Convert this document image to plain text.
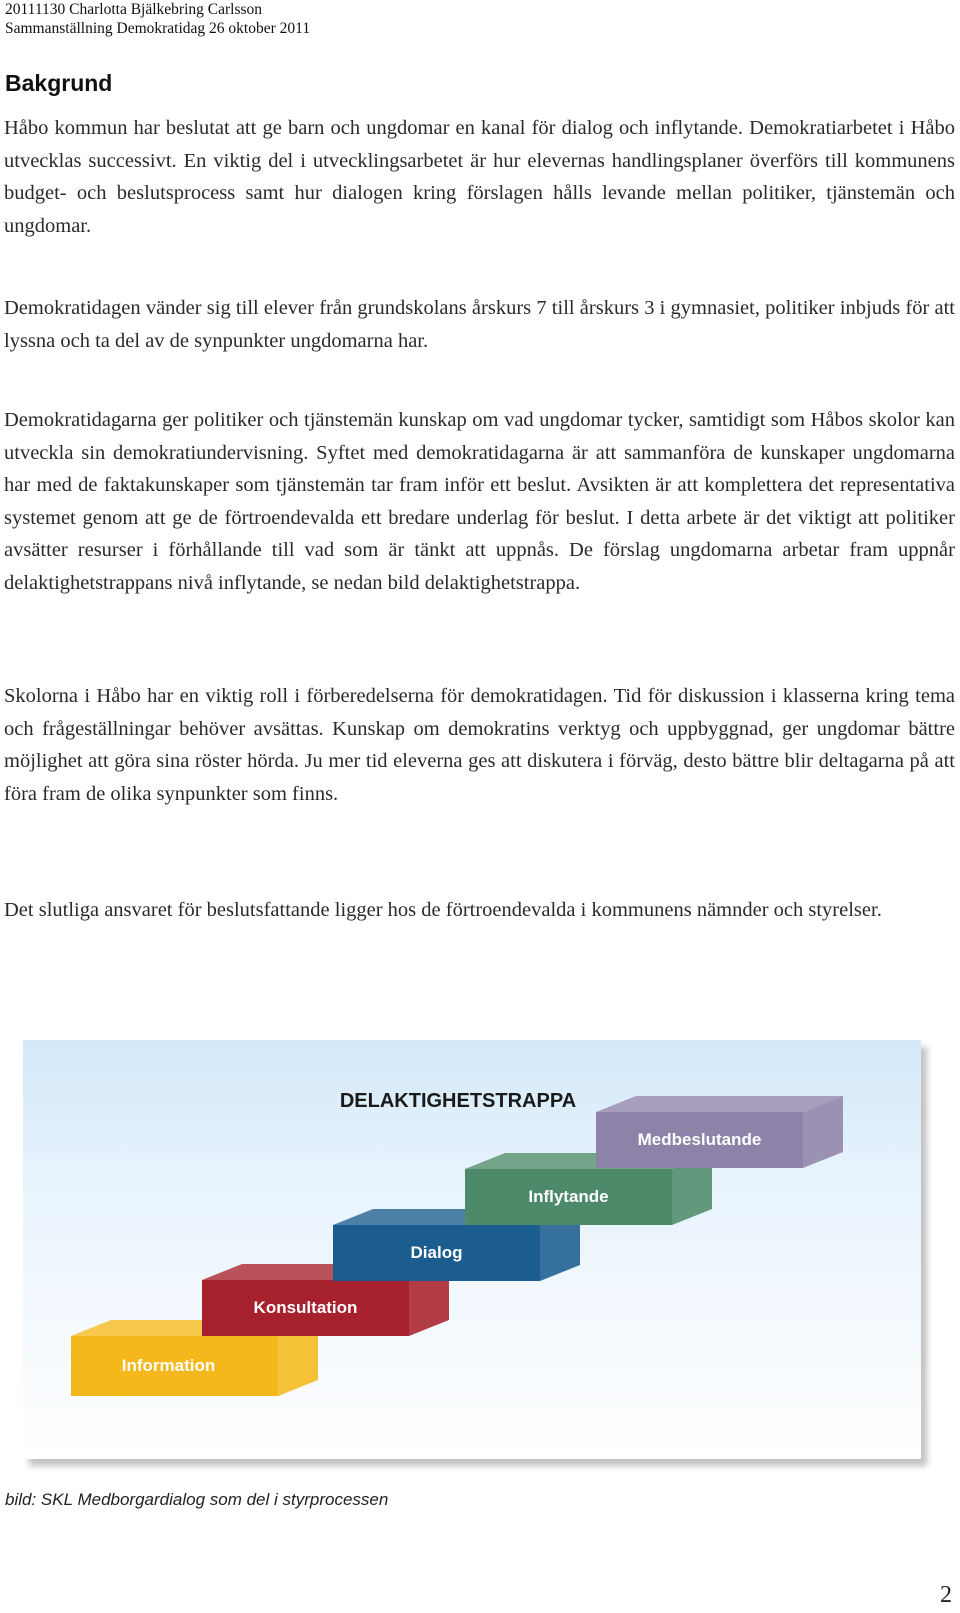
20111130 Charlotta Bjälkebring Carlsson
Sammanställning Demokratidag 26 oktober 2011
Bakgrund
Håbo kommun har beslutat att ge barn och ungdomar en kanal för dialog och inflytande. Demokratiarbetet i Håbo utvecklas successivt. En viktig del i utvecklingsarbetet är hur elevernas handlingsplaner överförs till kommunens budget- och beslutsprocess samt hur dialogen kring förslagen hålls levande mellan politiker, tjänstemän och ungdomar.
Demokratidagen vänder sig till elever från grundskolans årskurs 7 till årskurs 3 i gymnasiet, politiker inbjuds för att lyssna och ta del av de synpunkter ungdomarna har.
Demokratidagarna ger politiker och tjänstemän kunskap om vad ungdomar tycker, samtidigt som Håbos skolor kan utveckla sin demokratiundervisning. Syftet med demokratidagarna är att sammanföra de kunskaper ungdomarna har med de faktakunskaper som tjänstemän tar fram inför ett beslut. Avsikten är att komplettera det representativa systemet genom att ge de förtroendevalda ett bredare underlag för beslut. I detta arbete är det viktigt att politiker avsätter resurser i förhållande till vad som är tänkt att uppnås. De förslag ungdomarna arbetar fram uppnår delaktighetstrappans nivå inflytande, se nedan bild delaktighetstrappa.
Skolorna i Håbo har en viktig roll i förberedelserna för demokratidagen. Tid för diskussion i klasserna kring tema och frågeställningar behöver avsättas. Kunskap om demokratins verktyg och uppbyggnad, ger ungdomar bättre möjlighet att göra sina röster hörda. Ju mer tid eleverna ges att diskutera i förväg, desto bättre blir deltagarna på att föra fram de olika synpunkter som finns.
Det slutliga ansvaret för beslutsfattande ligger hos de förtroendevalda i kommunens nämnder och styrelser.
DELAKTIGHETSTRAPPA
Information
Konsultation
Dialog
Inflytande
Medbeslutande
bild: SKL Medborgardialog som del i styrprocessen
2
